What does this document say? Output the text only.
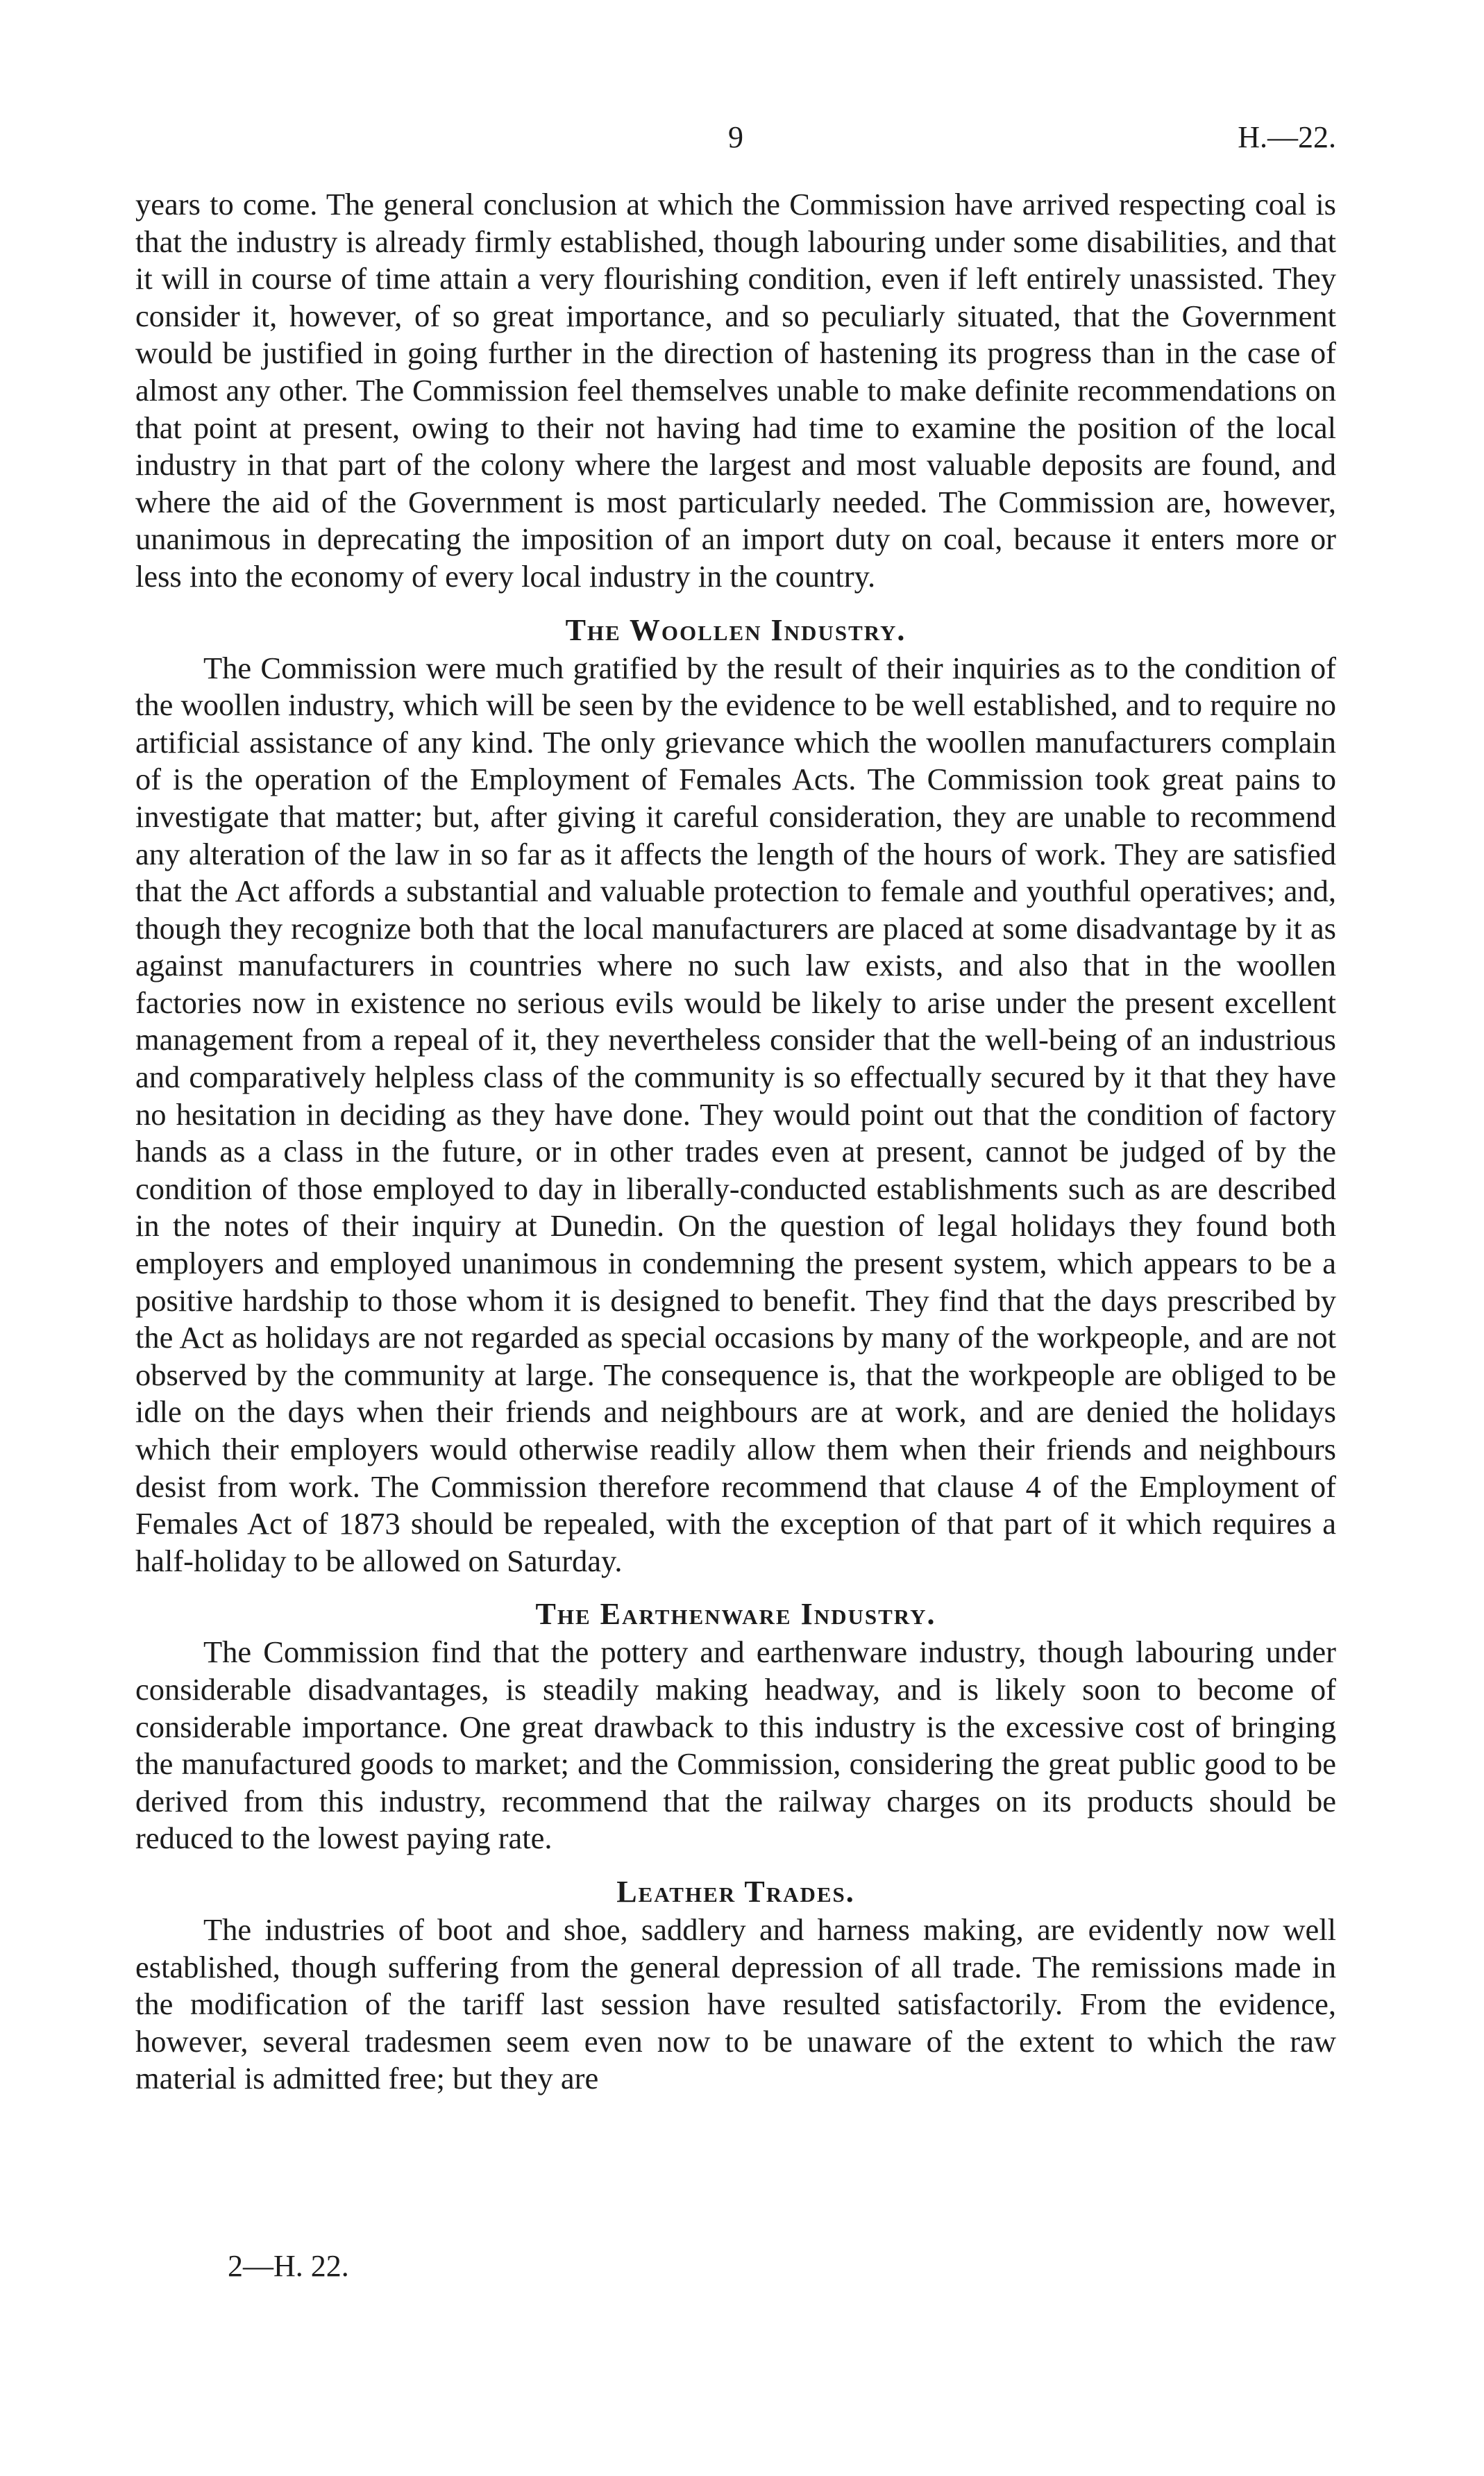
9	H.—22.

years to come. The general conclusion at which the Commission have arrived respecting coal is that the industry is already firmly established, though labouring under some disabilities, and that it will in course of time attain a very flourishing condition, even if left entirely unassisted. They consider it, however, of so great importance, and so peculiarly situated, that the Government would be justified in going further in the direction of hastening its progress than in the case of almost any other. The Commission feel themselves unable to make definite recommendations on that point at present, owing to their not having had time to examine the position of the local industry in that part of the colony where the largest and most valuable deposits are found, and where the aid of the Government is most particularly needed. The Commission are, however, unanimous in deprecating the imposition of an import duty on coal, because it enters more or less into the economy of every local industry in the country.

The Woollen Industry.

The Commission were much gratified by the result of their inquiries as to the condition of the woollen industry, which will be seen by the evidence to be well established, and to require no artificial assistance of any kind. The only grievance which the woollen manufacturers complain of is the operation of the Employment of Females Acts. The Commission took great pains to investigate that matter; but, after giving it careful consideration, they are unable to recommend any alteration of the law in so far as it affects the length of the hours of work. They are satisfied that the Act affords a substantial and valuable protection to female and youthful operatives; and, though they recognize both that the local manufacturers are placed at some disadvantage by it as against manufacturers in countries where no such law exists, and also that in the woollen factories now in existence no serious evils would be likely to arise under the present excellent management from a repeal of it, they nevertheless consider that the well-being of an industrious and comparatively helpless class of the community is so effectually secured by it that they have no hesitation in deciding as they have done. They would point out that the condition of factory hands as a class in the future, or in other trades even at present, cannot be judged of by the condition of those employed to day in liberally-conducted establishments such as are described in the notes of their inquiry at Dunedin. On the question of legal holidays they found both employers and employed unanimous in condemning the present system, which appears to be a positive hardship to those whom it is designed to benefit. They find that the days prescribed by the Act as holidays are not regarded as special occasions by many of the workpeople, and are not observed by the community at large. The consequence is, that the workpeople are obliged to be idle on the days when their friends and neighbours are at work, and are denied the holidays which their employers would otherwise readily allow them when their friends and neighbours desist from work. The Commission therefore recommend that clause 4 of the Employment of Females Act of 1873 should be repealed, with the exception of that part of it which requires a half-holiday to be allowed on Saturday.

The Earthenware Industry.

The Commission find that the pottery and earthenware industry, though labouring under considerable disadvantages, is steadily making headway, and is likely soon to become of considerable importance. One great drawback to this industry is the excessive cost of bringing the manufactured goods to market; and the Commission, considering the great public good to be derived from this industry, recommend that the railway charges on its products should be reduced to the lowest paying rate.

Leather Trades.

The industries of boot and shoe, saddlery and harness making, are evidently now well established, though suffering from the general depression of all trade. The remissions made in the modification of the tariff last session have resulted satisfactorily. From the evidence, however, several tradesmen seem even now to be unaware of the extent to which the raw material is admitted free; but they are

2—H. 22.
